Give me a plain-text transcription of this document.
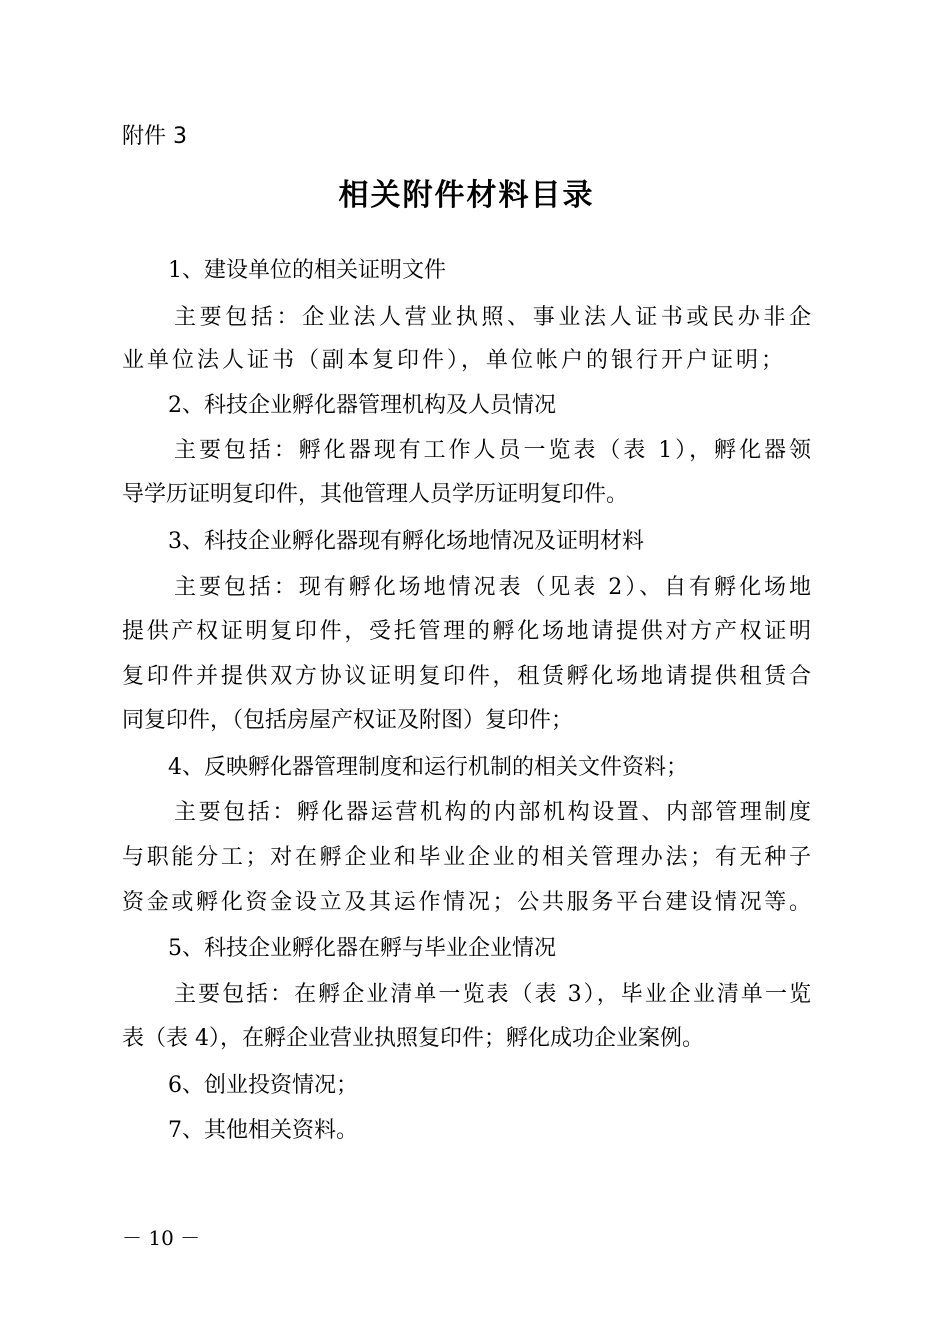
附件 3
相关附件材料目录
1、建设单位的相关证明文件
主要包括：企业法人营业执照、事业法人证书或民办非企
业单位法人证书（副本复印件），单位帐户的银行开户证明；
2、科技企业孵化器管理机构及人员情况
主要包括：孵化器现有工作人员一览表（表 1），孵化器领
导学历证明复印件，其他管理人员学历证明复印件。
3、科技企业孵化器现有孵化场地情况及证明材料
主要包括：现有孵化场地情况表（见表 2）、自有孵化场地
提供产权证明复印件，受托管理的孵化场地请提供对方产权证明
复印件并提供双方协议证明复印件，租赁孵化场地请提供租赁合
同复印件，（包括房屋产权证及附图）复印件；
4、反映孵化器管理制度和运行机制的相关文件资料；
主要包括：孵化器运营机构的内部机构设置、内部管理制度
与职能分工；对在孵企业和毕业企业的相关管理办法；有无种子
资金或孵化资金设立及其运作情况；公共服务平台建设情况等。
5、科技企业孵化器在孵与毕业企业情况
主要包括：在孵企业清单一览表（表 3），毕业企业清单一览
表（表 4），在孵企业营业执照复印件；孵化成功企业案例。
6、创业投资情况；
7、其他相关资料。
－ 10 －
